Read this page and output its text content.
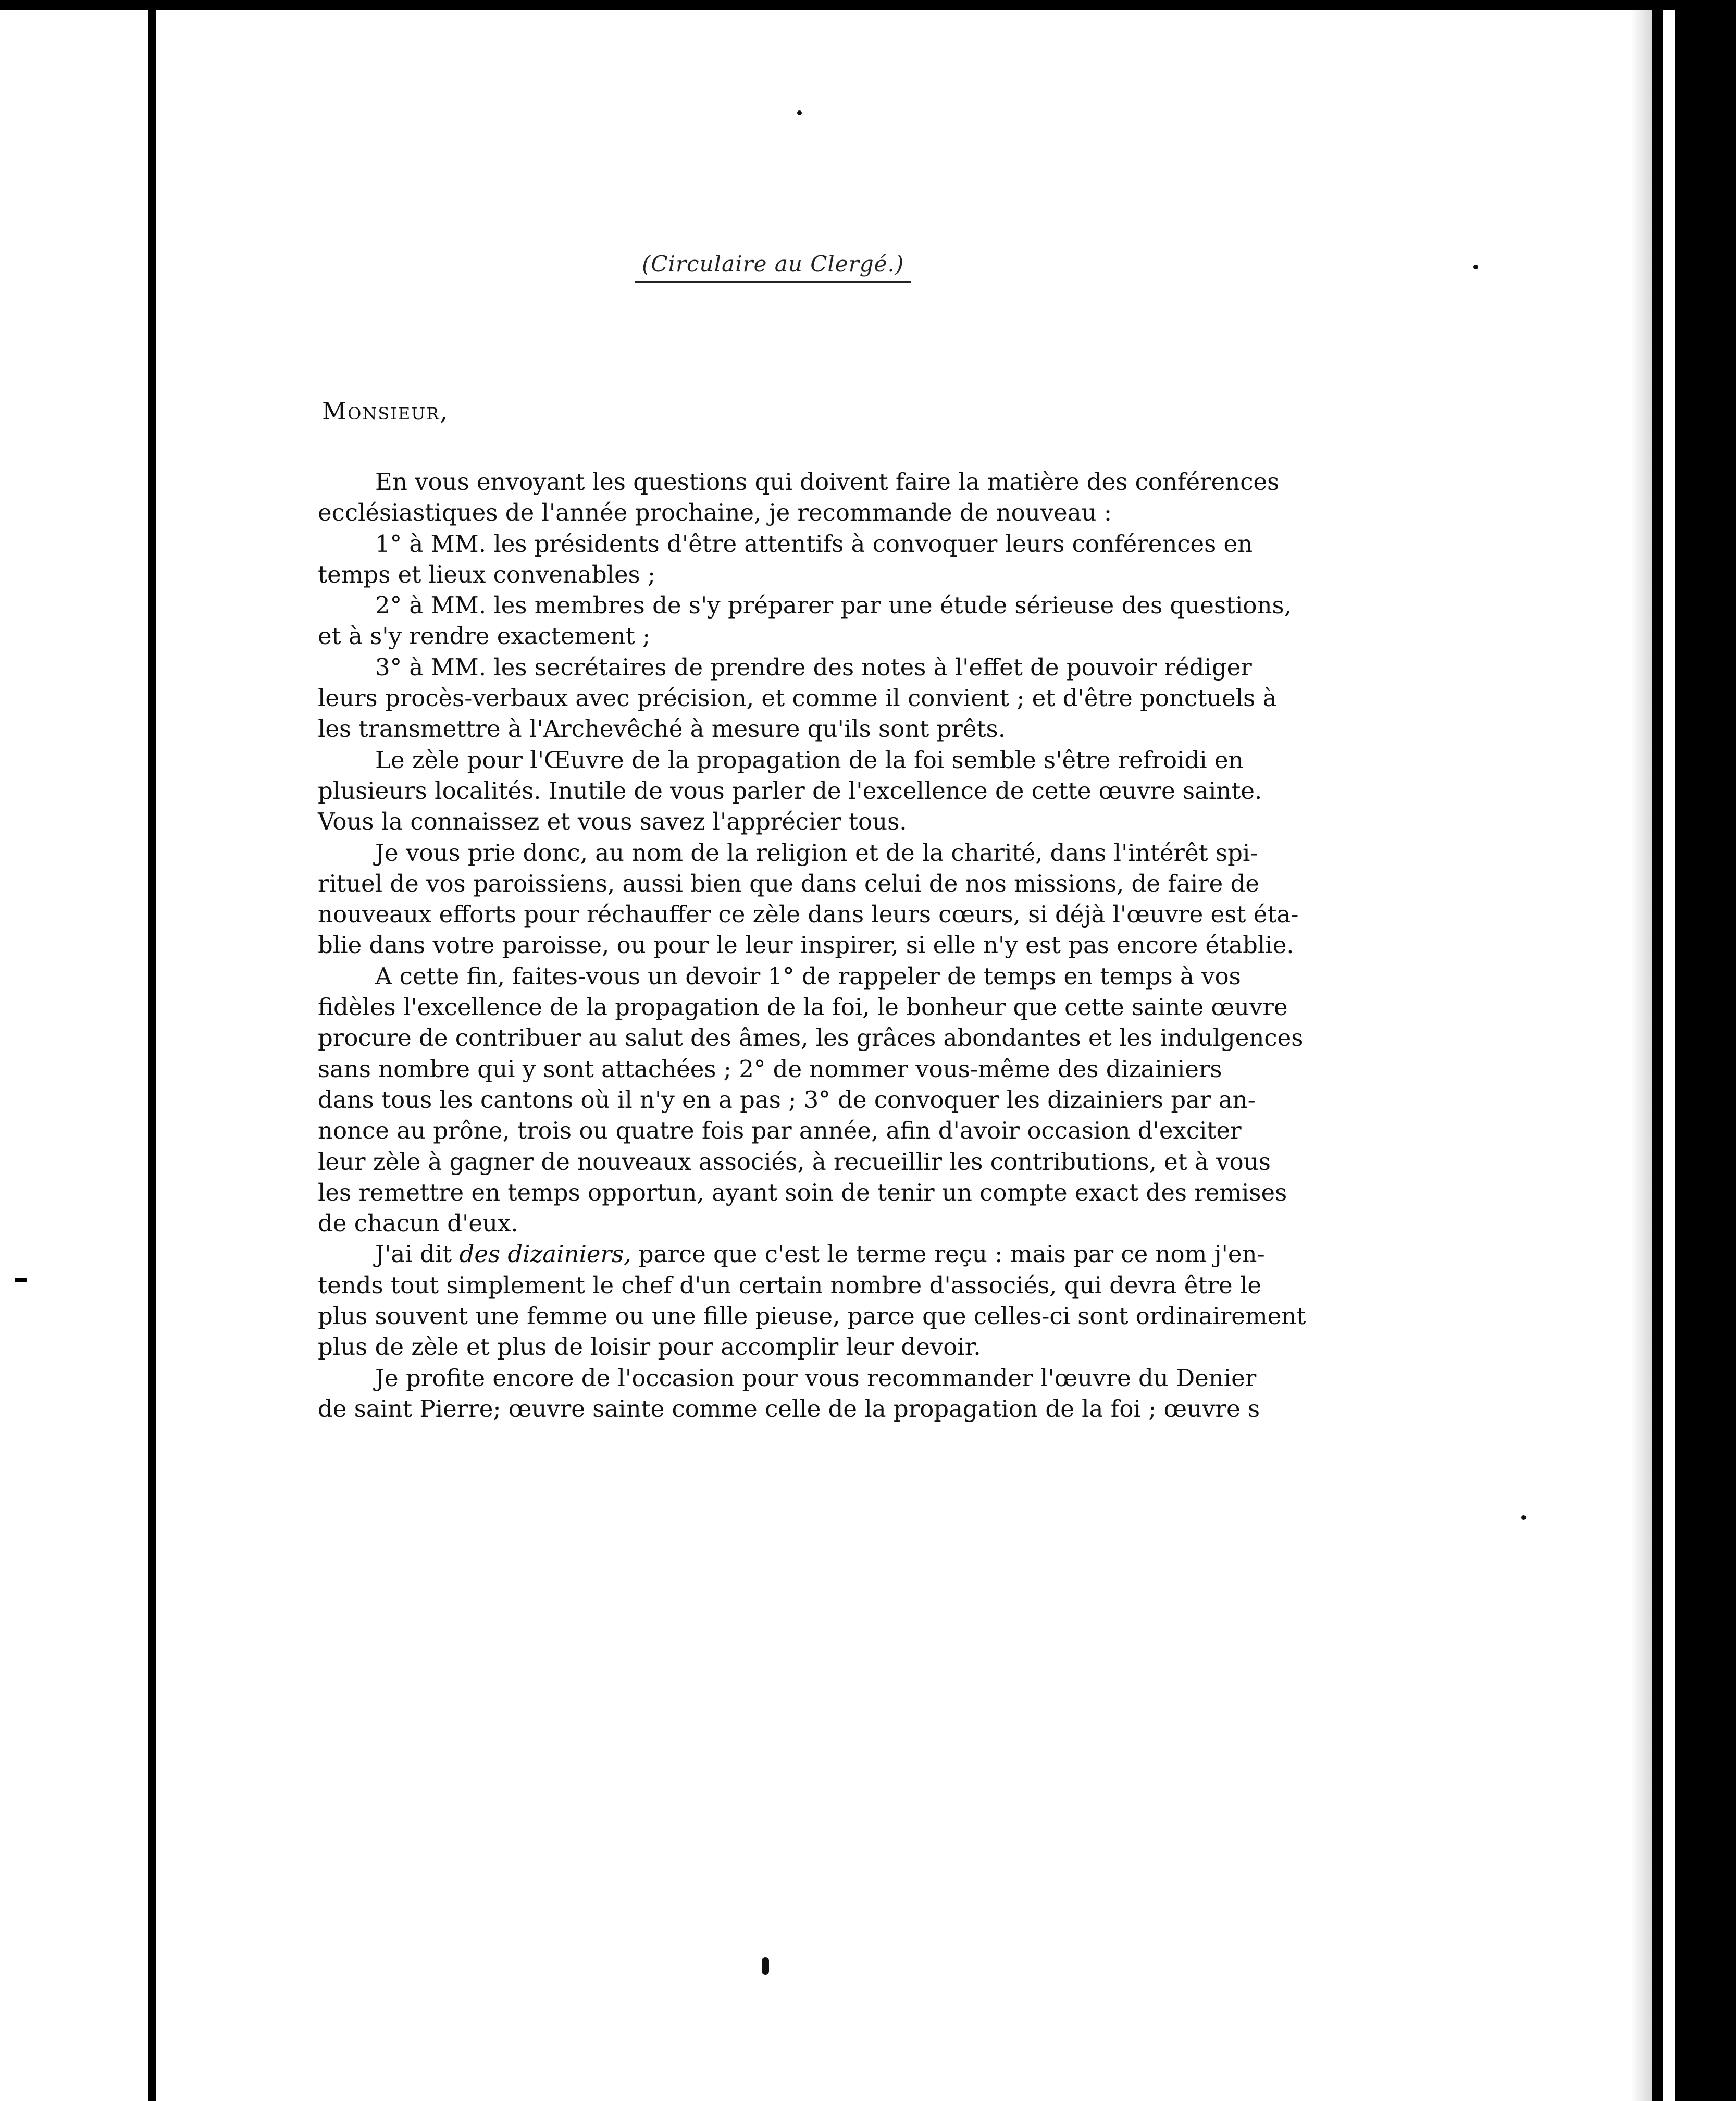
(Circulaire au Clergé.)
Monsieur,
En vous envoyant les questions qui doivent faire la matière des conférences
ecclésiastiques de l'année prochaine, je recommande de nouveau :
1° à MM. les présidents d'être attentifs à convoquer leurs conférences en
temps et lieux convenables ;
2° à MM. les membres de s'y préparer par une étude sérieuse des questions,
et à s'y rendre exactement ;
3° à MM. les secrétaires de prendre des notes à l'effet de pouvoir rédiger
leurs procès-verbaux avec précision, et comme il convient ; et d'être ponctuels à
les transmettre à l'Archevêché à mesure qu'ils sont prêts.
Le zèle pour l'Œuvre de la propagation de la foi semble s'être refroidi en
plusieurs localités. Inutile de vous parler de l'excellence de cette œuvre sainte.
Vous la connaissez et vous savez l'apprécier tous.
Je vous prie donc, au nom de la religion et de la charité, dans l'intérêt spi-
rituel de vos paroissiens, aussi bien que dans celui de nos missions, de faire de
nouveaux efforts pour réchauffer ce zèle dans leurs cœurs, si déjà l'œuvre est éta-
blie dans votre paroisse, ou pour le leur inspirer, si elle n'y est pas encore établie.
A cette fin, faites-vous un devoir 1° de rappeler de temps en temps à vos
fidèles l'excellence de la propagation de la foi, le bonheur que cette sainte œuvre
procure de contribuer au salut des âmes, les grâces abondantes et les indulgences
sans nombre qui y sont attachées ; 2° de nommer vous-même des dizainiers
dans tous les cantons où il n'y en a pas ; 3° de convoquer les dizainiers par an-
nonce au prône, trois ou quatre fois par année, afin d'avoir occasion d'exciter
leur zèle à gagner de nouveaux associés, à recueillir les contributions, et à vous
les remettre en temps opportun, ayant soin de tenir un compte exact des remises
de chacun d'eux.
J'ai dit des dizainiers, parce que c'est le terme reçu : mais par ce nom j'en-
tends tout simplement le chef d'un certain nombre d'associés, qui devra être le
plus souvent une femme ou une fille pieuse, parce que celles-ci sont ordinairement
plus de zèle et plus de loisir pour accomplir leur devoir.
Je profite encore de l'occasion pour vous recommander l'œuvre du Denier
de saint Pierre; œuvre sainte comme celle de la propagation de la foi ; œuvre s
